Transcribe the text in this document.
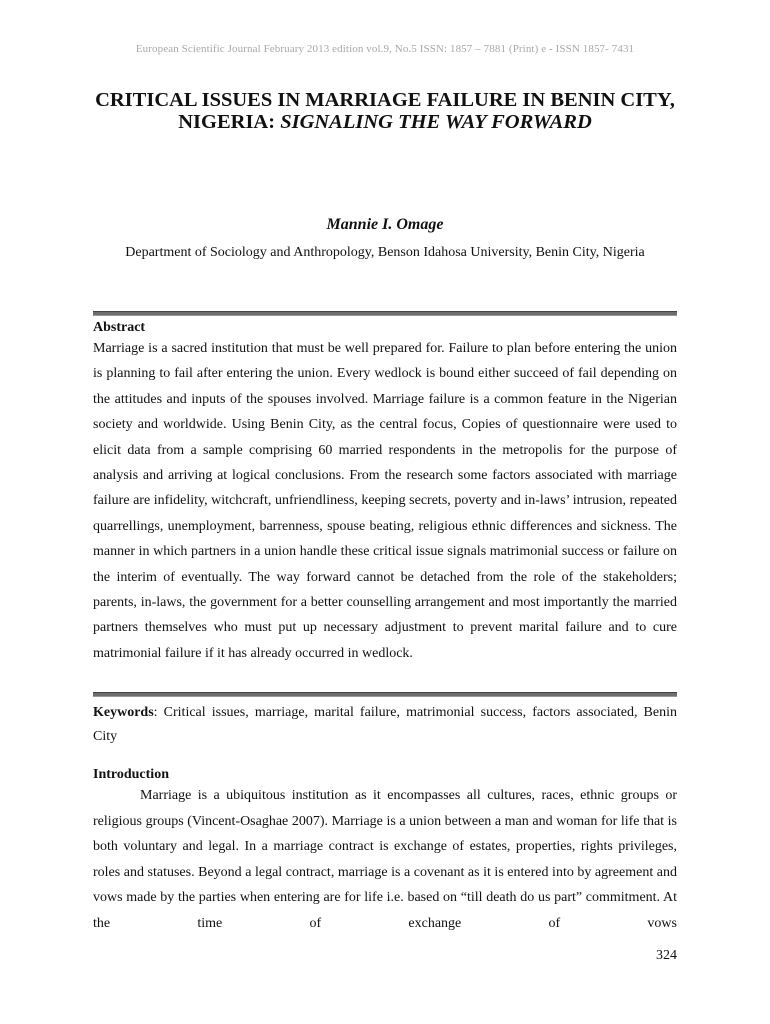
European Scientific Journal February 2013 edition vol.9, No.5 ISSN: 1857 – 7881 (Print) e - ISSN 1857- 7431
CRITICAL ISSUES IN MARRIAGE FAILURE IN BENIN CITY, NIGERIA: SIGNALING THE WAY FORWARD
Mannie I. Omage
Department of Sociology and Anthropology, Benson Idahosa University, Benin City, Nigeria
Abstract

Marriage is a sacred institution that must be well prepared for. Failure to plan before entering the union is planning to fail after entering the union. Every wedlock is bound either succeed of fail depending on the attitudes and inputs of the spouses involved. Marriage failure is a common feature in the Nigerian society and worldwide. Using Benin City, as the central focus, Copies of questionnaire were used to elicit data from a sample comprising 60 married respondents in the metropolis for the purpose of analysis and arriving at logical conclusions. From the research some factors associated with marriage failure are infidelity, witchcraft, unfriendliness, keeping secrets, poverty and in-laws’ intrusion, repeated quarrellings, unemployment, barrenness, spouse beating, religious ethnic differences and sickness. The manner in which partners in a union handle these critical issue signals matrimonial success or failure on the interim of eventually. The way forward cannot be detached from the role of the stakeholders; parents, in-laws, the government for a better counselling arrangement and most importantly the married partners themselves who must put up necessary adjustment to prevent marital failure and to cure matrimonial failure if it has already occurred in wedlock.

Keywords: Critical issues, marriage, marital failure, matrimonial success, factors associated, Benin City

Introduction

Marriage is a ubiquitous institution as it encompasses all cultures, races, ethnic groups or religious groups (Vincent-Osaghae 2007). Marriage is a union between a man and woman for life that is both voluntary and legal. In a marriage contract is exchange of estates, properties, rights privileges, roles and statuses. Beyond a legal contract, marriage is a covenant as it is entered into by agreement and vows made by the parties when entering are for life i.e. based on “till death do us part” commitment. At the time of exchange of vows

324
